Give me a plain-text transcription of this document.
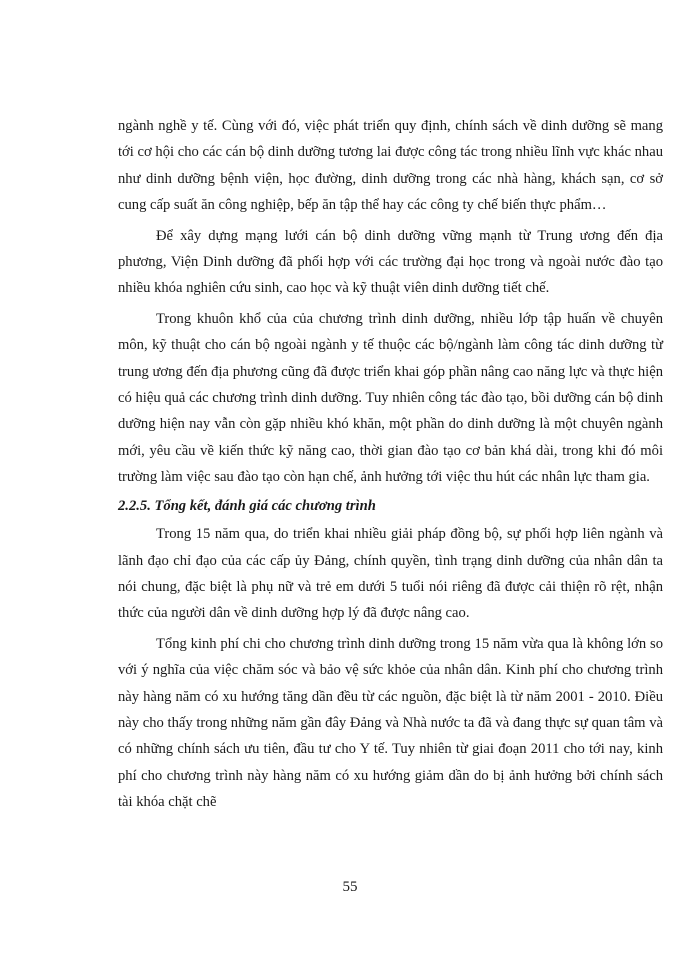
ngành nghề y tế. Cùng với đó, việc phát triển quy định, chính sách về dinh dưỡng sẽ mang tới cơ hội cho các cán bộ dinh dưỡng tương lai được công tác trong nhiều lĩnh vực khác nhau như dinh dưỡng bệnh viện, học đường, dinh dưỡng trong các nhà hàng, khách sạn, cơ sở cung cấp suất ăn công nghiệp, bếp ăn tập thể hay các công ty chế biến thực phẩm…

Để xây dựng mạng lưới cán bộ dinh dưỡng vững mạnh từ Trung ương đến địa phương, Viện Dinh dưỡng đã phối hợp với các trường đại học trong và ngoài nước đào tạo nhiều khóa nghiên cứu sinh, cao học và kỹ thuật viên dinh dưỡng tiết chế.

Trong khuôn khổ của của chương trình dinh dưỡng, nhiều lớp tập huấn về chuyên môn, kỹ thuật cho cán bộ ngoài ngành y tế thuộc các bộ/ngành làm công tác dinh dưỡng từ trung ương đến địa phương cũng đã được triển khai góp phần nâng cao năng lực và thực hiện có hiệu quả các chương trình dinh dưỡng. Tuy nhiên công tác đào tạo, bồi dưỡng cán bộ dinh dưỡng hiện nay vẫn còn gặp nhiều khó khăn, một phần do dinh dưỡng là một chuyên ngành mới, yêu cầu về kiến thức kỹ năng cao, thời gian đào tạo cơ bản khá dài, trong khi đó môi trường làm việc sau đào tạo còn hạn chế, ảnh hưởng tới việc thu hút các nhân lực tham gia.

2.2.5. Tổng kết, đánh giá các chương trình

Trong 15 năm qua, do triển khai nhiều giải pháp đồng bộ, sự phối hợp liên ngành và lãnh đạo chỉ đạo của các cấp ủy Đảng, chính quyền, tình trạng dinh dưỡng của nhân dân ta nói chung, đặc biệt là phụ nữ và trẻ em dưới 5 tuổi nói riêng đã được cải thiện rõ rệt, nhận thức của người dân về dinh dưỡng hợp lý đã được nâng cao.

Tổng kinh phí chi cho chương trình dinh dưỡng trong 15 năm vừa qua là không lớn so với ý nghĩa của việc chăm sóc và bảo vệ sức khỏe của nhân dân. Kinh phí cho chương trình này hàng năm có xu hướng tăng dần đều từ các nguồn, đặc biệt là từ năm 2001 - 2010. Điều này cho thấy trong những năm gần đây Đảng và Nhà nước ta đã và đang thực sự quan tâm và có những chính sách ưu tiên, đầu tư cho Y tế. Tuy nhiên từ giai đoạn 2011 cho tới nay, kinh phí cho chương trình này hàng năm có xu hướng giảm dần do bị ảnh hưởng bởi chính sách tài khóa chặt chẽ

55
